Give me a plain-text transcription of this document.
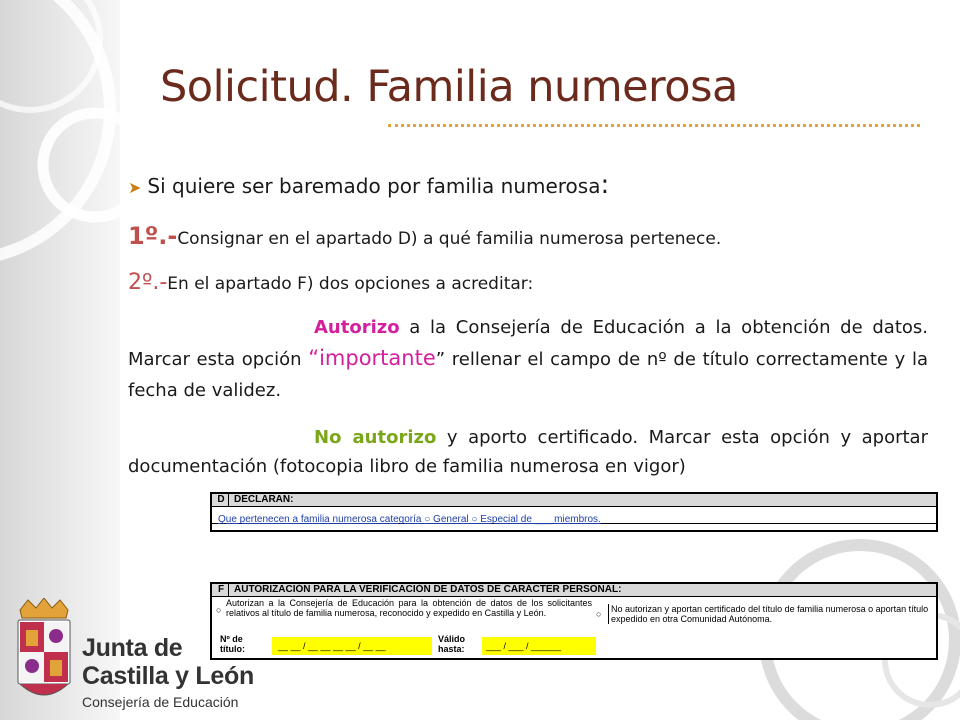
Solicitud. Familia numerosa
➤ Si quiere ser baremado por familia numerosa:
1º.-Consignar en el apartado D) a qué familia numerosa pertenece.
2º.-En el apartado F) dos opciones a acreditar:
Autorizo a la Consejería de Educación a la obtención de datos. Marcar esta opción “importante” rellenar el campo de nº de título correctamente y la fecha de validez.
No autorizo y aporto certificado. Marcar esta opción y aportar documentación (fotocopia libro de familia numerosa en vigor)
D DECLARAN:
Que pertenecen a familia numerosa categoría ○ General ○ Especial de ___ miembros.
F AUTORIZACIÓN PARA LA VERIFICACIÓN DE DATOS DE CARÁCTER PERSONAL:
○
Autorizan a la Consejería de Educación para la obtención de datos de los solicitantes relativos al título de familia numerosa, reconocido y expedido en Castilla y León.	○	No autorizan y aportan certificado del título de familia numerosa o aportan título expedido en otra Comunidad Autónoma.
Nº de título:	__ __ / __ __ __ __ / __ __
Válido hasta:	___ / ___ / ______
Junta de
Castilla y León
Consejería de Educación
